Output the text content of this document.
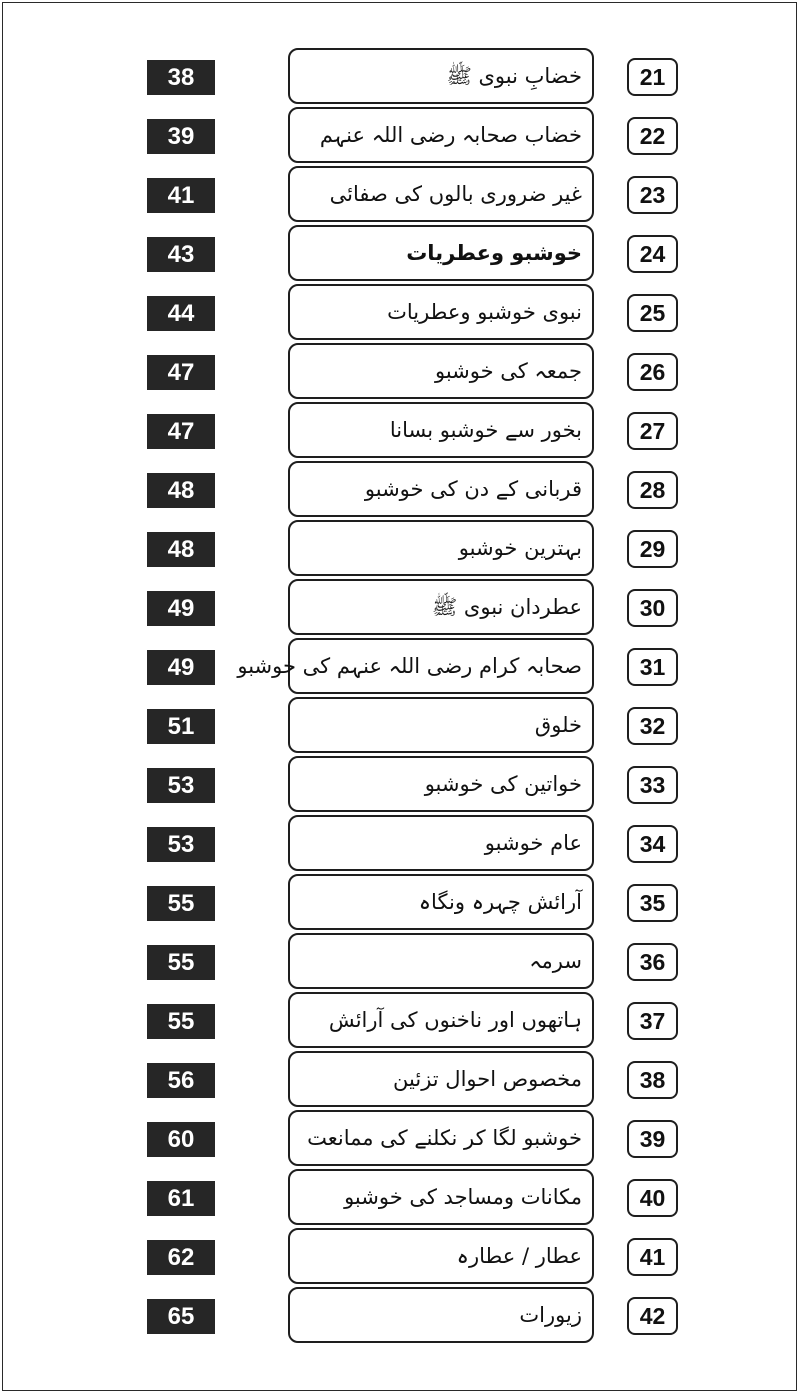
38	خضابِ نبوی ﷺ	21
39	خضاب صحابہ رضی اللہ عنہم	22
41	غیر ضروری بالوں کی صفائی	23
43	خوشبو وعطریات	24
44	نبوی خوشبو وعطریات	25
47	جمعہ کی خوشبو	26
47	بخور سے خوشبو بسانا	27
48	قربانی کے دن کی خوشبو	28
48	بہترین خوشبو	29
49	عطردان نبوی ﷺ	30
49	صحابہ کرام رضی اللہ عنہم کی خوشبو	31
51	خلوق	32
53	خواتین کی خوشبو	33
53	عام خوشبو	34
55	آرائش چہرہ ونگاہ	35
55	سرمہ	36
55	ہاتھوں اور ناخنوں کی آرائش	37
56	مخصوص احوال تزئین	38
60	خوشبو لگا کر نکلنے کی ممانعت	39
61	مکانات ومساجد کی خوشبو	40
62	عطار / عطارہ	41
65	زیورات	42
